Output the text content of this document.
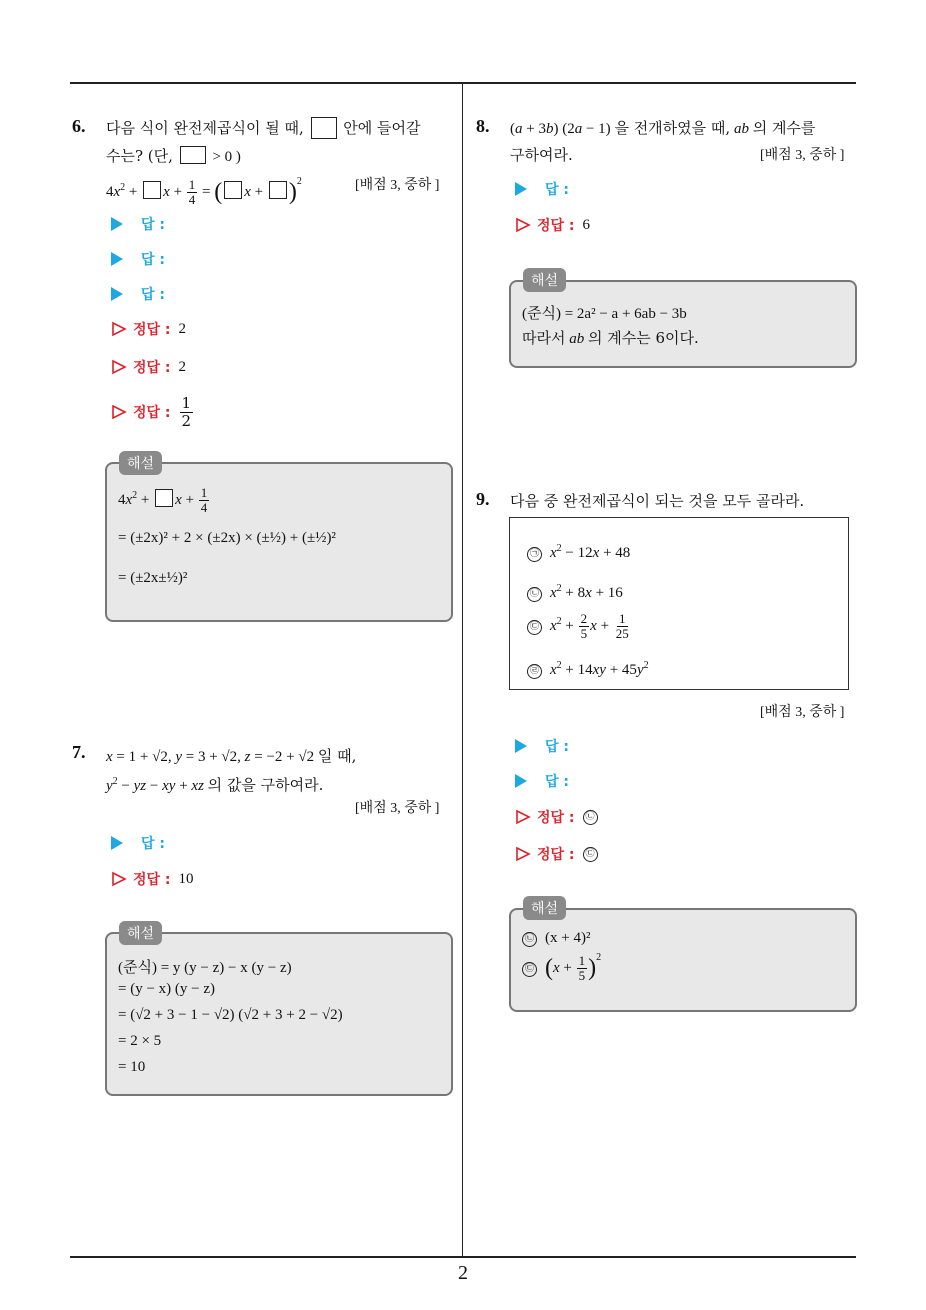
6. 다음 식이 완전제곱식이 될 때,	안에 들어갈
수는? (단,	> 0 )
$4x^2 + x + \frac{1}{4}$ = ( x + )$^2$	[배점 3, 중하 ]
답 :
답 :
답 :
정답 : 2
정답 : 2
정답 : $\frac{1}{2}$
해설
$4x^2 + x + \frac{1}{4}$
= (±2x)² + 2 × (±2x) × (±½) + (±½)²
= (±2x±½)²
7. x = 1 + √2, y = 3 + √2, z = −2 + √2 일 때,
$y^2$ − yz − xy + xz 의 값을 구하여라.
[배점 3, 중하 ]
답 :
정답 : 10
해설
(준식) = y (y − z) − x (y − z)
= (y − x) (y − z)
= (√2 + 3 − 1 − √2) (√2 + 3 + 2 − √2)
= 2 × 5
= 10
8. (a + 3b) (2a − 1) 을 전개하였을 때, ab 의 계수를
구하여라.	[배점 3, 중하 ]
답 :
정답 : 6
해설
(준식) = 2a² − a + 6ab − 3b
따라서 ab 의 계수는 6이다.
9. 다음 중 완전제곱식이 되는 것을 모두 골라라.
㉠ $x^2 - 12x + 48$
㉡ $x^2 + 8x + 16$
㉢ $x^2 + \frac{2}{5}$ $x + \frac{1}{25}$
㉣ $x^2 + 14xy + 45y^2$
[배점 3, 중하 ]
답 :
답 :
정답 :	㉡
정답 :	㉢
해설
㉡ (x + 4)²
㉢ $(x + \frac{1}{5} )^2$
2
